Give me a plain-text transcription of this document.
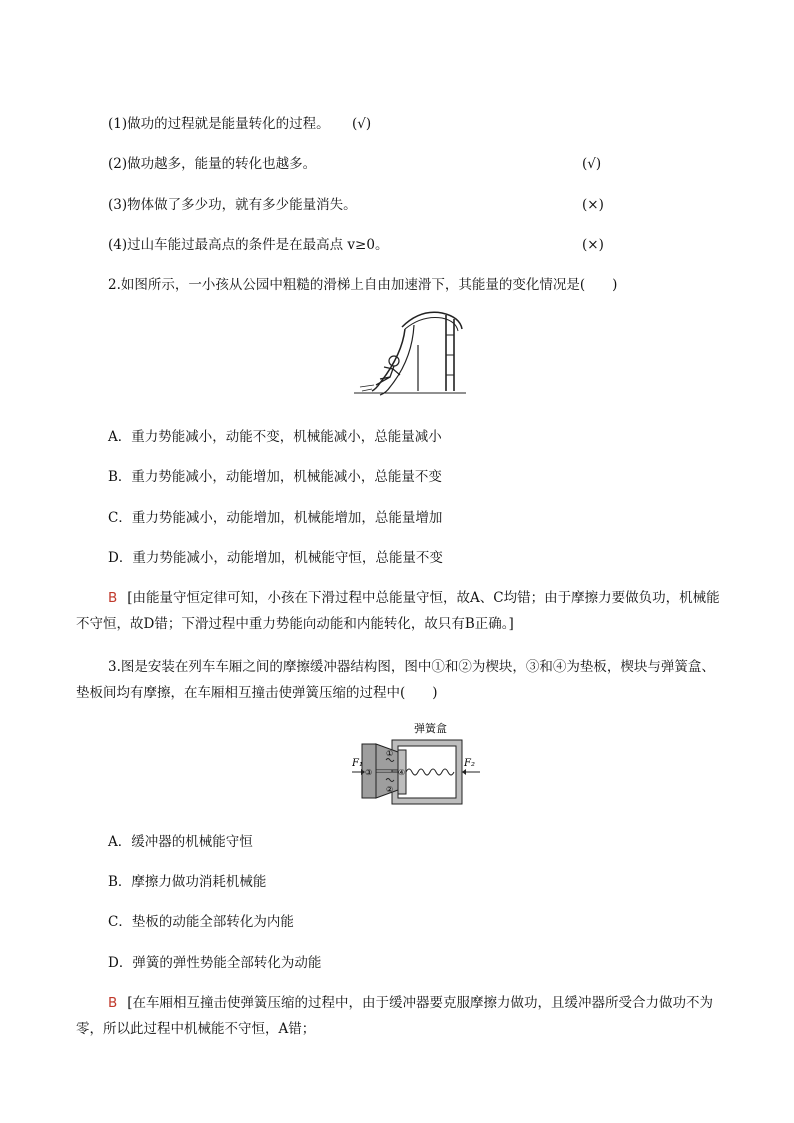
(1)做功的过程就是能量转化的过程。 (√)
(2)做功越多，能量的转化也越多。	(√)
(3)物体做了多少功，就有多少能量消失。	(×)
(4)过山车能过最高点的条件是在最高点 v≥0。	(×)
2.如图所示，一小孩从公园中粗糙的滑梯上自由加速滑下，其能量的变化情况是(　　)
A．重力势能减小，动能不变，机械能减小，总能量减小
B．重力势能减小，动能增加，机械能减小，总能量不变
C．重力势能减小，动能增加，机械能增加，总能量增加
D．重力势能减小，动能增加，机械能守恒，总能量不变
B [由能量守恒定律可知，小孩在下滑过程中总能量守恒，故A、C均错；由于摩擦力要做负功，机械能不守恒，故D错；下滑过程中重力势能向动能和内能转化，故只有B正确。]
3.图是安装在列车车厢之间的摩擦缓冲器结构图，图中①和②为楔块，③和④为垫板，楔块与弹簧盒、垫板间均有摩擦，在车厢相互撞击使弹簧压缩的过程中(　　)
弹簧盒
①
②
③	④
F₁	F₂
A．缓冲器的机械能守恒
B．摩擦力做功消耗机械能
C．垫板的动能全部转化为内能
D．弹簧的弹性势能全部转化为动能
B [在车厢相互撞击使弹簧压缩的过程中，由于缓冲器要克服摩擦力做功，且缓冲器所受合力做功不为零，所以此过程中机械能不守恒，A错；
